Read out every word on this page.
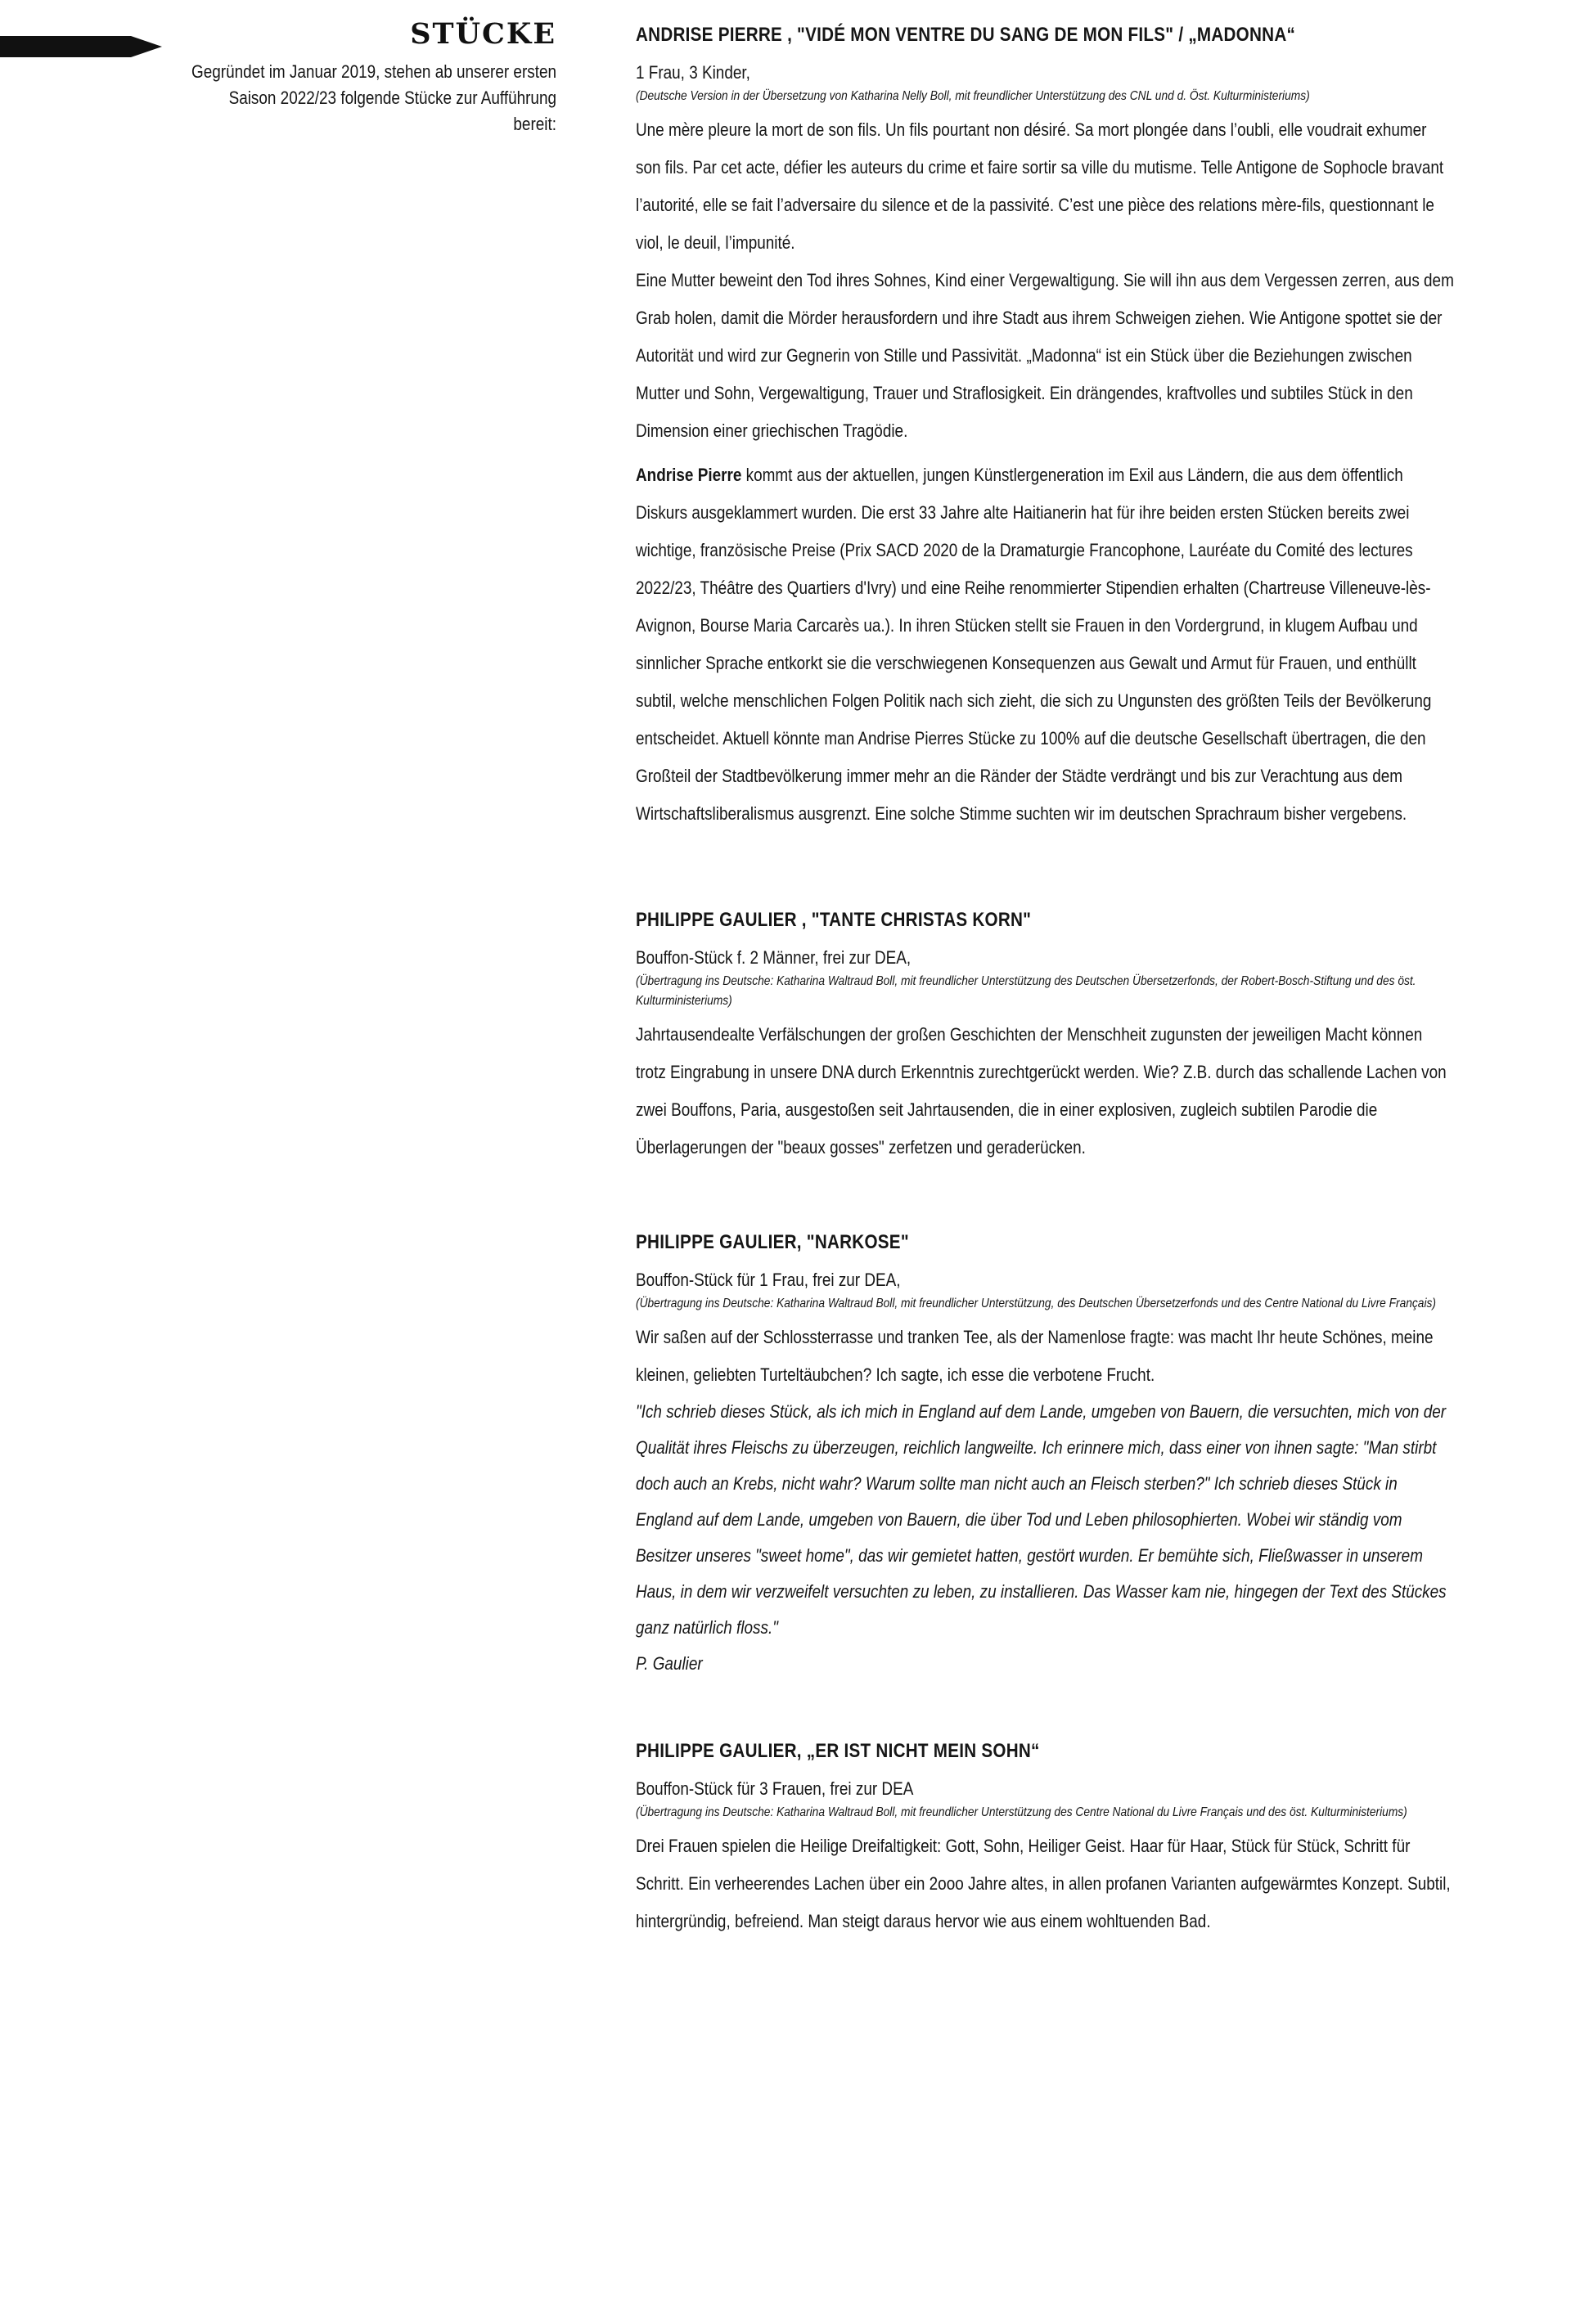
STÜCKE
Gegründet im Januar 2019, stehen ab unserer ersten Saison 2022/23 folgende Stücke zur Aufführung bereit:
ANDRISE PIERRE , "VIDÉ MON VENTRE DU SANG DE MON FILS" / „MADONNA“
1 Frau, 3 Kinder,
(Deutsche Version in der Übersetzung von Katharina Nelly Boll, mit freundlicher Unterstützung des CNL und d. Öst. Kulturministeriums)

Une mère pleure la mort de son fils. Un fils pourtant non désiré. Sa mort plongée dans l’oubli, elle voudrait exhumer son fils. Par cet acte, défier les auteurs du crime et faire sortir sa ville du mutisme. Telle Antigone de Sophocle bravant l’autorité, elle se fait l’adversaire du silence et de la passivité. C’est une pièce des relations mère-fils, questionnant le viol, le deuil, l’impunité.

Eine Mutter beweint den Tod ihres Sohnes, Kind einer Vergewaltigung. Sie will ihn aus dem Vergessen zerren, aus dem Grab holen, damit die Mörder herausfordern und ihre Stadt aus ihrem Schweigen ziehen. Wie Antigone spottet sie der Autorität und wird zur Gegnerin von Stille und Passivität. „Madonna“ ist ein Stück über die Beziehungen zwischen Mutter und Sohn, Vergewaltigung, Trauer und Straflosigkeit. Ein drängendes, kraftvolles und subtiles Stück in den Dimension einer griechischen Tragödie.

Andrise Pierre kommt aus der aktuellen, jungen Künstlergeneration im Exil aus Ländern, die aus dem öffentlich Diskurs ausgeklammert wurden. Die erst 33 Jahre alte Haitianerin hat für ihre beiden ersten Stücken bereits zwei wichtige, französische Preise (Prix SACD 2020 de la Dramaturgie Francophone, Lauréate du Comité des lectures 2022/23, Théâtre des Quartiers d'Ivry) und eine Reihe renommierter Stipendien erhalten (Chartreuse Villeneuve-lès-Avignon, Bourse Maria Carcarès ua.). In ihren Stücken stellt sie Frauen in den Vordergrund, in klugem Aufbau und sinnlicher Sprache entkorkt sie die verschwiegenen Konsequenzen aus Gewalt und Armut für Frauen, und enthüllt subtil, welche menschlichen Folgen Politik nach sich zieht, die sich zu Ungunsten des größten Teils der Bevölkerung entscheidet. Aktuell könnte man Andrise Pierres Stücke zu 100% auf die deutsche Gesellschaft übertragen, die den Großteil der Stadtbevölkerung immer mehr an die Ränder der Städte verdrängt und bis zur Verachtung aus dem Wirtschaftsliberalismus ausgrenzt. Eine solche Stimme suchten wir im deutschen Sprachraum bisher vergebens.

PHILIPPE GAULIER , "TANTE CHRISTAS KORN"
Bouffon-Stück f. 2 Männer, frei zur DEA,
(Übertragung ins Deutsche: Katharina Waltraud Boll, mit freundlicher Unterstützung des Deutschen Übersetzerfonds, der Robert-Bosch-Stiftung und des öst. Kulturministeriums)

Jahrtausendealte Verfälschungen der großen Geschichten der Menschheit zugunsten der jeweiligen Macht können trotz Eingrabung in unsere DNA durch Erkenntnis zurechtgerückt werden. Wie? Z.B. durch das schallende Lachen von zwei Bouffons, Paria, ausgestoßen seit Jahrtausenden, die in einer explosiven, zugleich subtilen Parodie die Überlagerungen der "beaux gosses" zerfetzen und geraderücken.

PHILIPPE GAULIER, "NARKOSE"
Bouffon-Stück für 1 Frau, frei zur DEA,
(Übertragung ins Deutsche: Katharina Waltraud Boll, mit freundlicher Unterstützung, des Deutschen Übersetzerfonds und des Centre National du Livre Français)

Wir saßen auf der Schlossterrasse und tranken Tee, als der Namenlose fragte: was macht Ihr heute Schönes, meine kleinen, geliebten Turteltäubchen? Ich sagte, ich esse die verbotene Frucht.

"Ich schrieb dieses Stück, als ich mich in England auf dem Lande, umgeben von Bauern, die versuchten, mich von der Qualität ihres Fleischs zu überzeugen, reichlich langweilte. Ich erinnere mich, dass einer von ihnen sagte: "Man stirbt doch auch an Krebs, nicht wahr? Warum sollte man nicht auch an Fleisch sterben?" Ich schrieb dieses Stück in England auf dem Lande, umgeben von Bauern, die über Tod und Leben philosophierten. Wobei wir ständig vom Besitzer unseres "sweet home", das wir gemietet hatten, gestört wurden. Er bemühte sich, Fließwasser in unserem Haus, in dem wir verzweifelt versuchten zu leben, zu installieren. Das Wasser kam nie, hingegen der Text des Stückes ganz natürlich floss."

P. Gaulier

PHILIPPE GAULIER, „ER IST NICHT MEIN SOHN“
Bouffon-Stück für 3 Frauen, frei zur DEA
(Übertragung ins Deutsche: Katharina Waltraud Boll, mit freundlicher Unterstützung des Centre National du Livre Français und des öst. Kulturministeriums)

Drei Frauen spielen die Heilige Dreifaltigkeit: Gott, Sohn, Heiliger Geist. Haar für Haar, Stück für Stück, Schritt für Schritt. Ein verheerendes Lachen über ein 2ooo Jahre altes, in allen profanen Varianten aufgewärmtes Konzept. Subtil, hintergründig, befreiend. Man steigt daraus hervor wie aus einem wohltuenden Bad.
